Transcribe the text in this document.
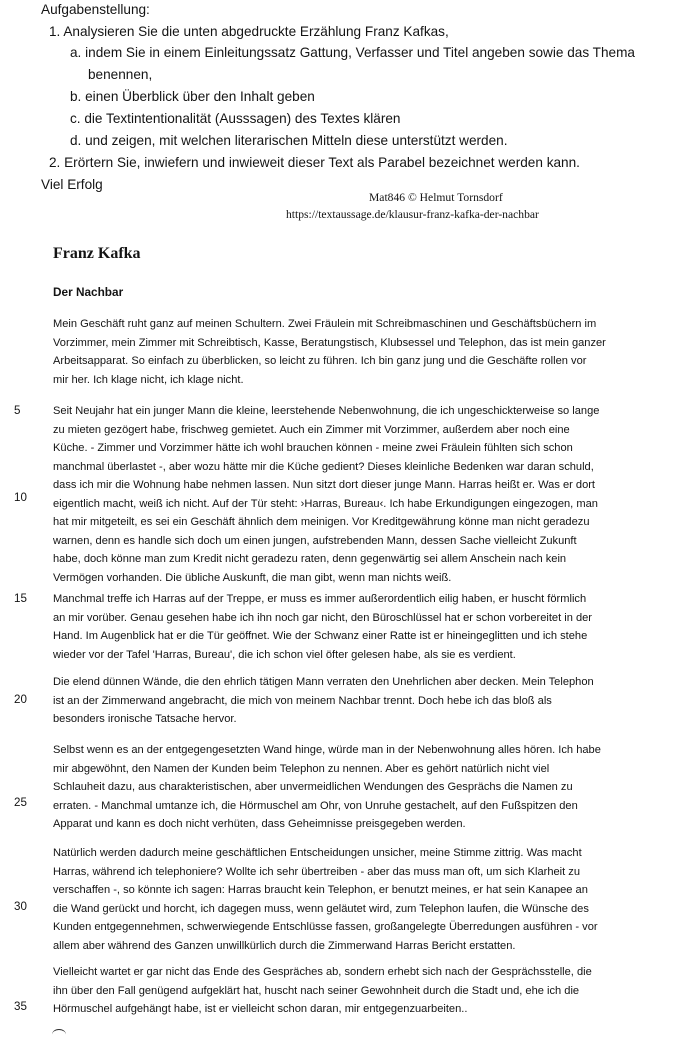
Aufgabenstellung:
1. Analysieren Sie die unten abgedruckte Erzählung Franz Kafkas,
a. indem Sie in einem Einleitungssatz Gattung, Verfasser und Titel angeben sowie das Thema
benennen,
b. einen Überblick über den Inhalt geben
c. die Textintentionalität (Ausssagen) des Textes klären
d. und zeigen, mit welchen literarischen Mitteln diese unterstützt werden.
2. Erörtern Sie, inwiefern und inwieweit dieser Text als Parabel bezeichnet werden kann.
Viel Erfolg
Mat846 © Helmut Tornsdorf
https://textaussage.de/klausur-franz-kafka-der-nachbar
Franz Kafka
Der Nachbar
5
10
15
20
25
30
35
Mein Geschäft ruht ganz auf meinen Schultern. Zwei Fräulein mit Schreibmaschinen und Geschäftsbüchern im
Vorzimmer, mein Zimmer mit Schreibtisch, Kasse, Beratungstisch, Klubsessel und Telephon, das ist mein ganzer
Arbeitsapparat. So einfach zu überblicken, so leicht zu führen. Ich bin ganz jung und die Geschäfte rollen vor
mir her. Ich klage nicht, ich klage nicht.
Seit Neujahr hat ein junger Mann die kleine, leerstehende Nebenwohnung, die ich ungeschickterweise so lange
zu mieten gezögert habe, frischweg gemietet. Auch ein Zimmer mit Vorzimmer, außerdem aber noch eine
Küche. - Zimmer und Vorzimmer hätte ich wohl brauchen können - meine zwei Fräulein fühlten sich schon
manchmal überlastet -, aber wozu hätte mir die Küche gedient? Dieses kleinliche Bedenken war daran schuld,
dass ich mir die Wohnung habe nehmen lassen. Nun sitzt dort dieser junge Mann. Harras heißt er. Was er dort
eigentlich macht, weiß ich nicht. Auf der Tür steht: ›Harras, Bureau‹. Ich habe Erkundigungen eingezogen, man
hat mir mitgeteilt, es sei ein Geschäft ähnlich dem meinigen. Vor Kreditgewährung könne man nicht geradezu
warnen, denn es handle sich doch um einen jungen, aufstrebenden Mann, dessen Sache vielleicht Zukunft
habe, doch könne man zum Kredit nicht geradezu raten, denn gegenwärtig sei allem Anschein nach kein
Vermögen vorhanden. Die übliche Auskunft, die man gibt, wenn man nichts weiß.
Manchmal treffe ich Harras auf der Treppe, er muss es immer außerordentlich eilig haben, er huscht förmlich
an mir vorüber. Genau gesehen habe ich ihn noch gar nicht, den Büroschlüssel hat er schon vorbereitet in der
Hand. Im Augenblick hat er die Tür geöffnet. Wie der Schwanz einer Ratte ist er hineingeglitten und ich stehe
wieder vor der Tafel 'Harras, Bureau', die ich schon viel öfter gelesen habe, als sie es verdient.
Die elend dünnen Wände, die den ehrlich tätigen Mann verraten den Unehrlichen aber decken. Mein Telephon
ist an der Zimmerwand angebracht, die mich von meinem Nachbar trennt. Doch hebe ich das bloß als
besonders ironische Tatsache hervor.
Selbst wenn es an der entgegengesetzten Wand hinge, würde man in der Nebenwohnung alles hören. Ich habe
mir abgewöhnt, den Namen der Kunden beim Telephon zu nennen. Aber es gehört natürlich nicht viel
Schlauheit dazu, aus charakteristischen, aber unvermeidlichen Wendungen des Gesprächs die Namen zu
erraten. - Manchmal umtanze ich, die Hörmuschel am Ohr, von Unruhe gestachelt, auf den Fußspitzen den
Apparat und kann es doch nicht verhüten, dass Geheimnisse preisgegeben werden.
Natürlich werden dadurch meine geschäftlichen Entscheidungen unsicher, meine Stimme zittrig. Was macht
Harras, während ich telephoniere? Wollte ich sehr übertreiben - aber das muss man oft, um sich Klarheit zu
verschaffen -, so könnte ich sagen: Harras braucht kein Telephon, er benutzt meines, er hat sein Kanapee an
die Wand gerückt und horcht, ich dagegen muss, wenn geläutet wird, zum Telephon laufen, die Wünsche des
Kunden entgegennehmen, schwerwiegende Entschlüsse fassen, großangelegte Überredungen ausführen - vor
allem aber während des Ganzen unwillkürlich durch die Zimmerwand Harras Bericht erstatten.
Vielleicht wartet er gar nicht das Ende des Gespräches ab, sondern erhebt sich nach der Gesprächsstelle, die
ihn über den Fall genügend aufgeklärt hat, huscht nach seiner Gewohnheit durch die Stadt und, ehe ich die
Hörmuschel aufgehängt habe, ist er vielleicht schon daran, mir entgegenzuarbeiten..
